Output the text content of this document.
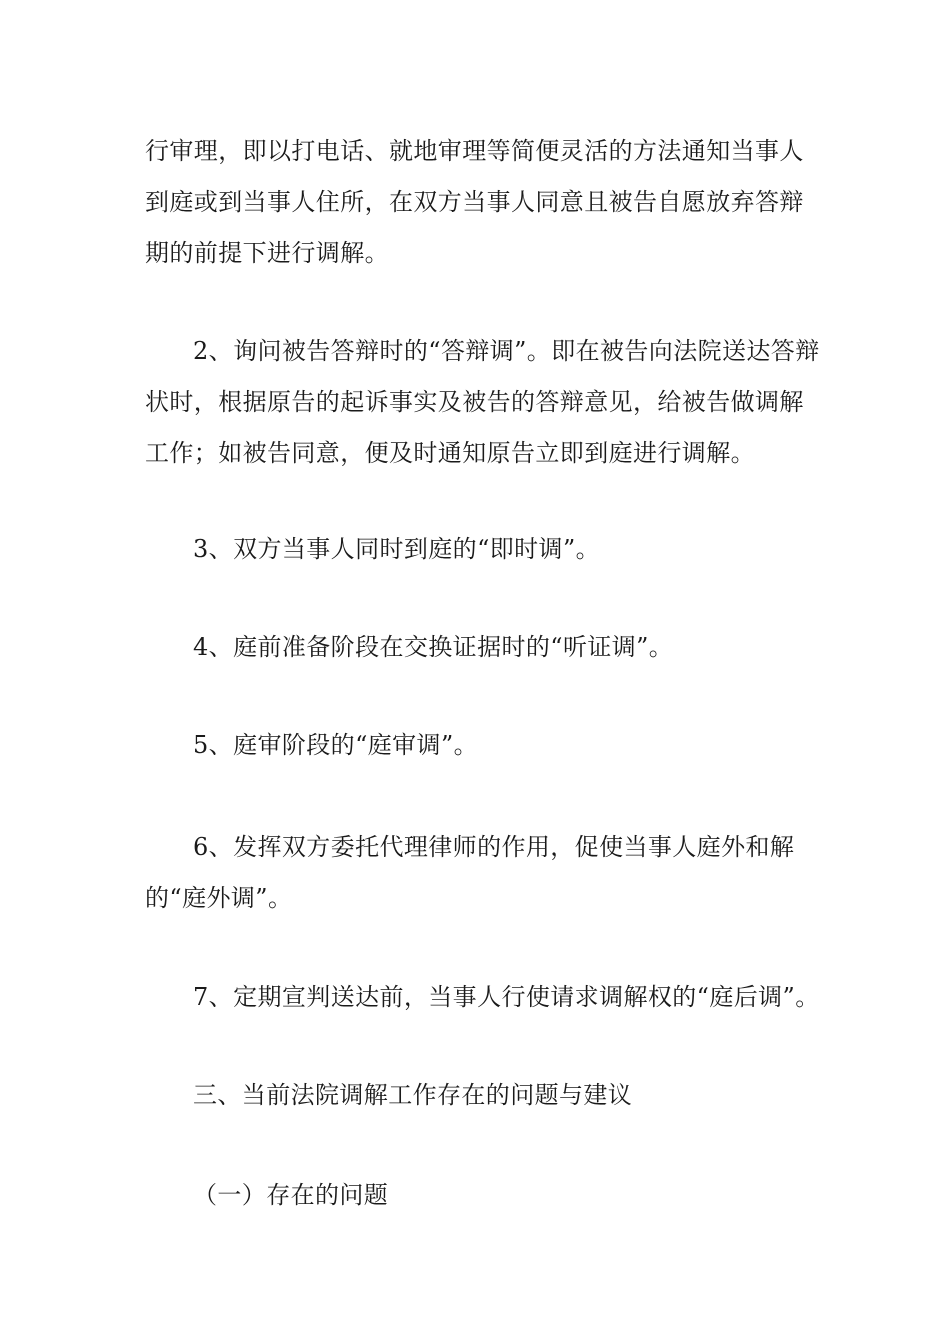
行审理，即以打电话、就地审理等简便灵活的方法通知当事人到庭或到当事人住所，在双方当事人同意且被告自愿放弃答辩期的前提下进行调解。

2、询问被告答辩时的“答辩调”。即在被告向法院送达答辩状时，根据原告的起诉事实及被告的答辩意见，给被告做调解工作；如被告同意，便及时通知原告立即到庭进行调解。

3、双方当事人同时到庭的“即时调”。

4、庭前准备阶段在交换证据时的“听证调”。

5、庭审阶段的“庭审调”。

6、发挥双方委托代理律师的作用，促使当事人庭外和解的“庭外调”。

7、定期宣判送达前，当事人行使请求调解权的“庭后调”。

三、当前法院调解工作存在的问题与建议

（一）存在的问题
